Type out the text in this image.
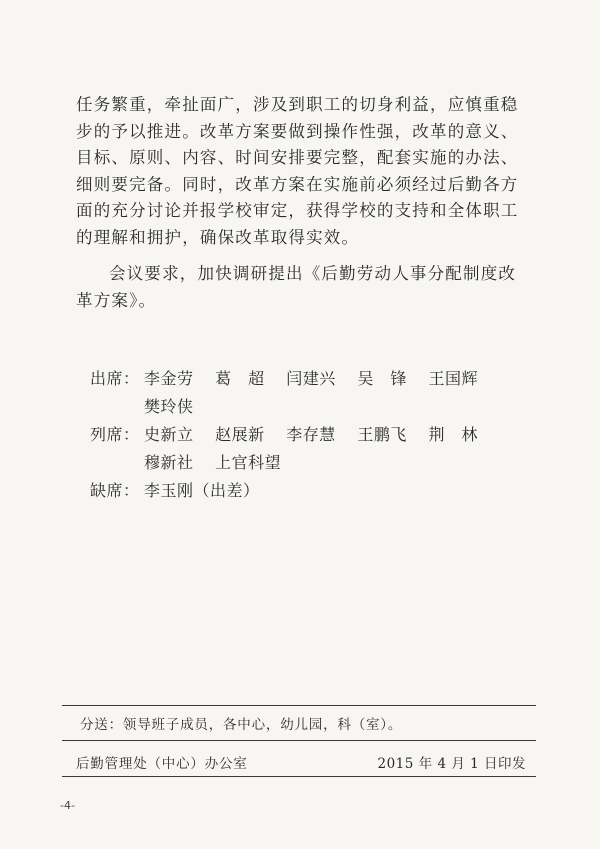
任务繁重，牵扯面广，涉及到职工的切身利益，应慎重稳步的予以推进。改革方案要做到操作性强，改革的意义、目标、原则、内容、时间安排要完整，配套实施的办法、细则要完备。同时，改革方案在实施前必须经过后勤各方面的充分讨论并报学校审定，获得学校的支持和全体职工的理解和拥护，确保改革取得实效。

会议要求，加快调研提出《后勤劳动人事分配制度改革方案》。

出席： 李金劳 葛　超 闫建兴 吴　锋 王国辉 樊玲侠
列席： 史新立 赵展新 李存慧 王鹏飞 荆　林 穆新社 上官科望
缺席： 李玉刚（出差）
分送：领导班子成员，各中心，幼儿园，科（室）。
后勤管理处（中心）办公室	2015 年 4 月 1 日印发
-4-
